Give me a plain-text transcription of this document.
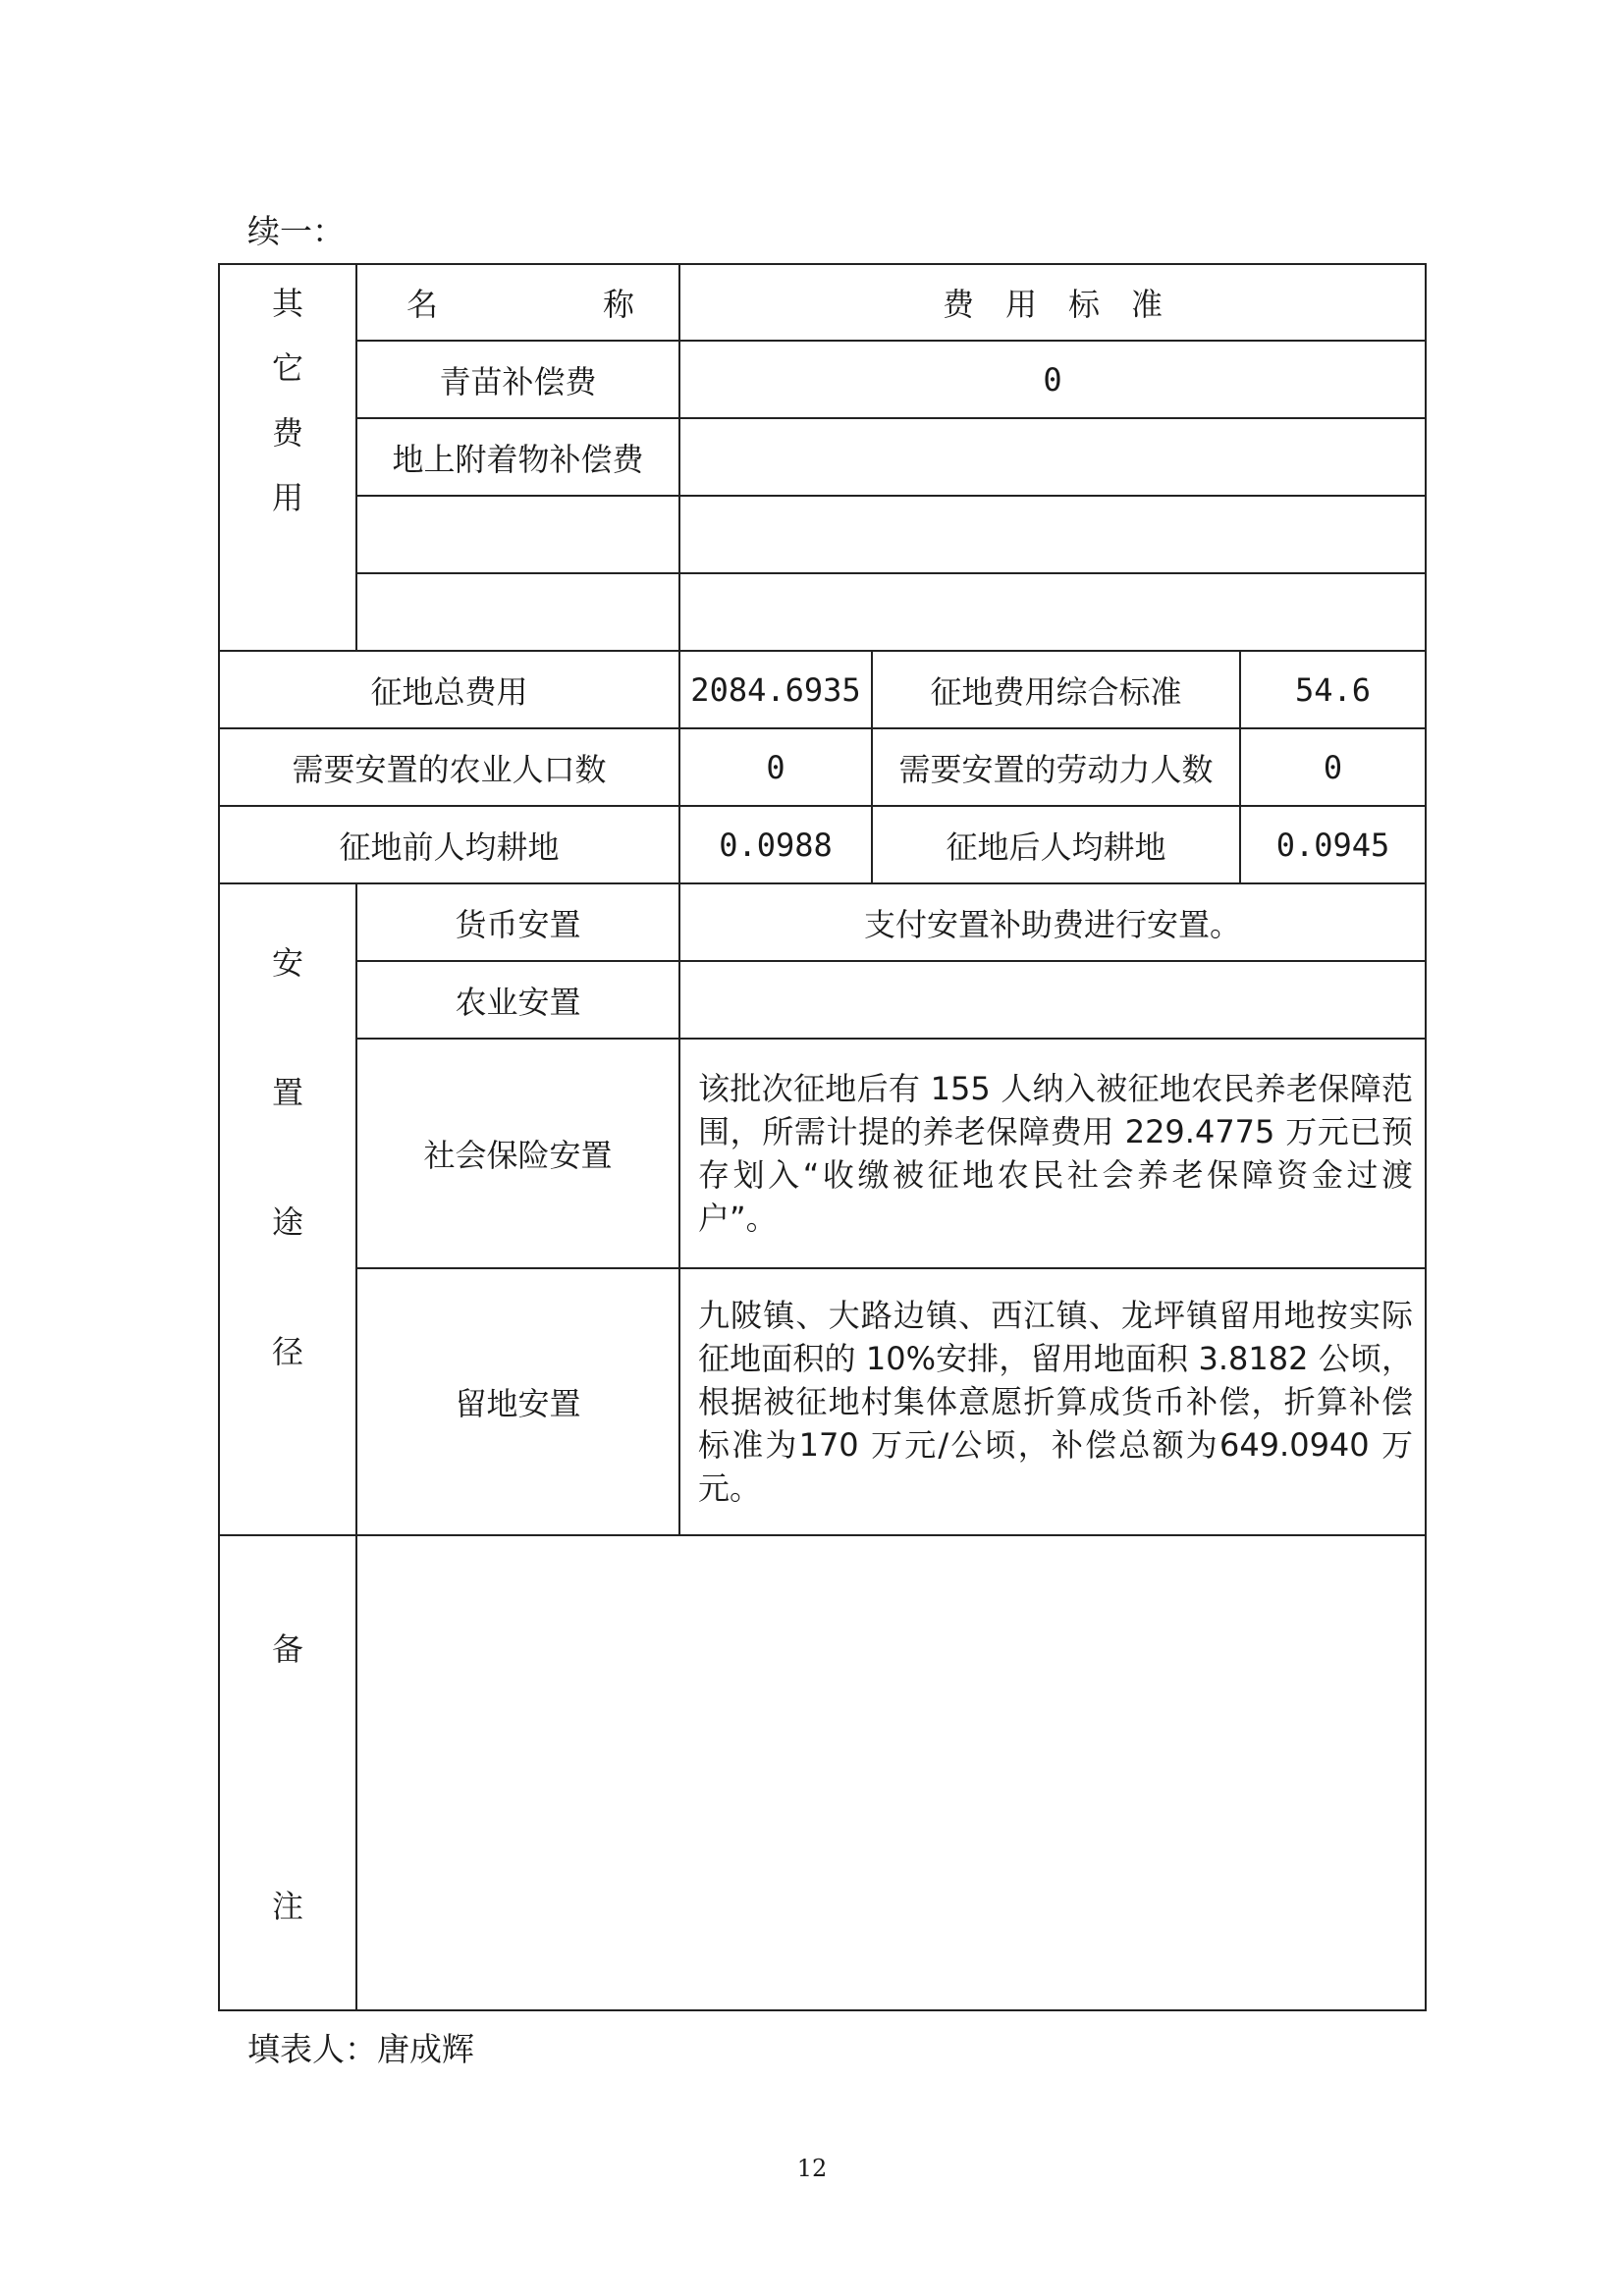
续一：
其
它
费
用	名 称	费　用　标　准		
	青苗补偿费	0		
	地上附着物补偿费			

征地总费用		2084.6935	征地费用综合标准	54.6
需要安置的农业人口数		0	需要安置的劳动力人数	0
征地前人均耕地		0.0988	征地后人均耕地	0.0945

安
置
途
径	货币安置	支付安置补助费进行安置。		
	农业安置			
	社会保险安置	该批次征地后有 155 人纳入被征地农民养老保障范围，所需计提的养老保障费用 229.4775 万元已预存划入“收缴被征地农民社会养老保障资金过渡户”。		

	留地安置	九陂镇、大路边镇、西江镇、龙坪镇留用地按实际征地面积的 10%安排，留用地面积 3.8182 公顷，根据被征地村集体意愿折算成货币补偿，折算补偿标准为170 万元/公顷，补偿总额为649.0940 万元。		

备
注				

填表人：唐成辉
12
